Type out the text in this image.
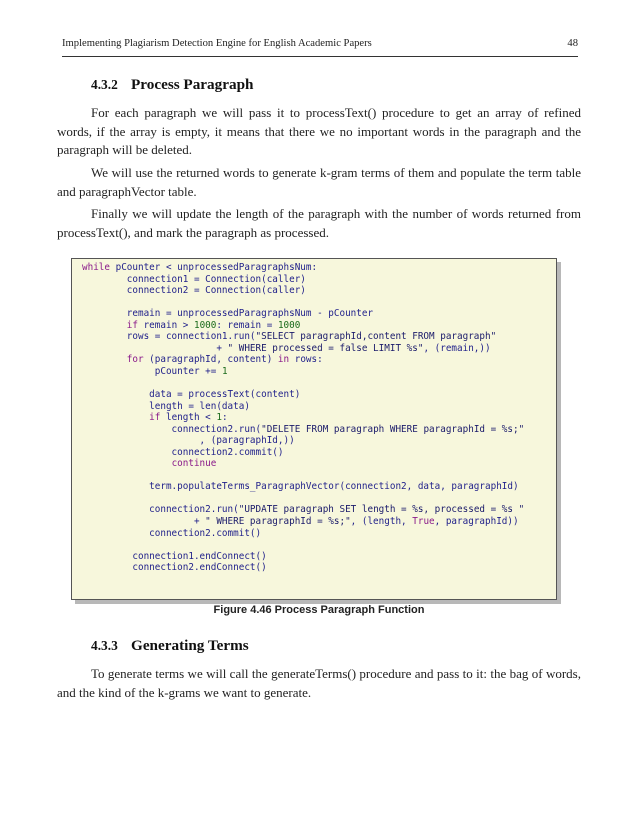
Implementing Plagiarism Detection Engine for English Academic Papers	48
4.3.2 Process Paragraph

For each paragraph we will pass it to processText() procedure to get an array of refined words, if the array is empty, it means that there we no important words in the paragraph and the paragraph will be deleted.

We will use the returned words to generate k-gram terms of them and populate the term table and paragraphVector table.

Finally we will update the length of the paragraph with the number of words returned from processText(), and mark the paragraph as processed.

while pCounter < unprocessedParagraphsNum:
connection1 = Connection(caller)
connection2 = Connection(caller)

remain = unprocessedParagraphsNum - pCounter
if remain > 1000: remain = 1000
rows = connection1.run("SELECT paragraphId,content FROM paragraph"
+ " WHERE processed = false LIMIT %s", (remain,))
for (paragraphId, content) in rows:
pCounter += 1

data = processText(content)
length = len(data)
if length < 1:
connection2.run("DELETE FROM paragraph WHERE paragraphId = %s;"
, (paragraphId,))
connection2.commit()
continue

term.populateTerms_ParagraphVector(connection2, data, paragraphId)

connection2.run("UPDATE paragraph SET length = %s, processed = %s "
+ " WHERE paragraphId = %s;", (length, True, paragraphId))
connection2.commit()

connection1.endConnect()
connection2.endConnect()

Figure 4.46 Process Paragraph Function
4.3.3 Generating Terms

To generate terms we will call the generateTerms() procedure and pass to it: the bag of words, and the kind of the k-grams we want to generate.
